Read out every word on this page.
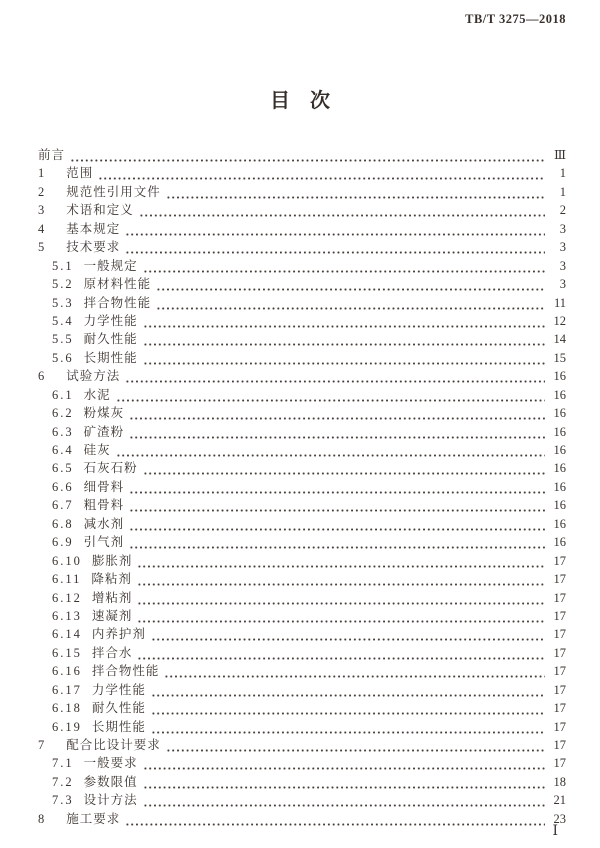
TB/T 3275—2018
目　次
前言	Ⅲ
1 范围	1
2 规范性引用文件	1
3 术语和定义	2
4 基本规定	3
5 技术要求	3
5.1 一般规定	3
5.2 原材料性能	3
5.3 拌合物性能	11
5.4 力学性能	12
5.5 耐久性能	14
5.6 长期性能	15
6 试验方法	16
6.1 水泥	16
6.2 粉煤灰	16
6.3 矿渣粉	16
6.4 硅灰	16
6.5 石灰石粉	16
6.6 细骨料	16
6.7 粗骨料	16
6.8 减水剂	16
6.9 引气剂	16
6.10 膨胀剂	17
6.11 降粘剂	17
6.12 增粘剂	17
6.13 速凝剂	17
6.14 内养护剂	17
6.15 拌合水	17
6.16 拌合物性能	17
6.17 力学性能	17
6.18 耐久性能	17
6.19 长期性能	17
7 配合比设计要求	17
7.1 一般要求	17
7.2 参数限值	18
7.3 设计方法	21
8 施工要求	23
Ⅰ
